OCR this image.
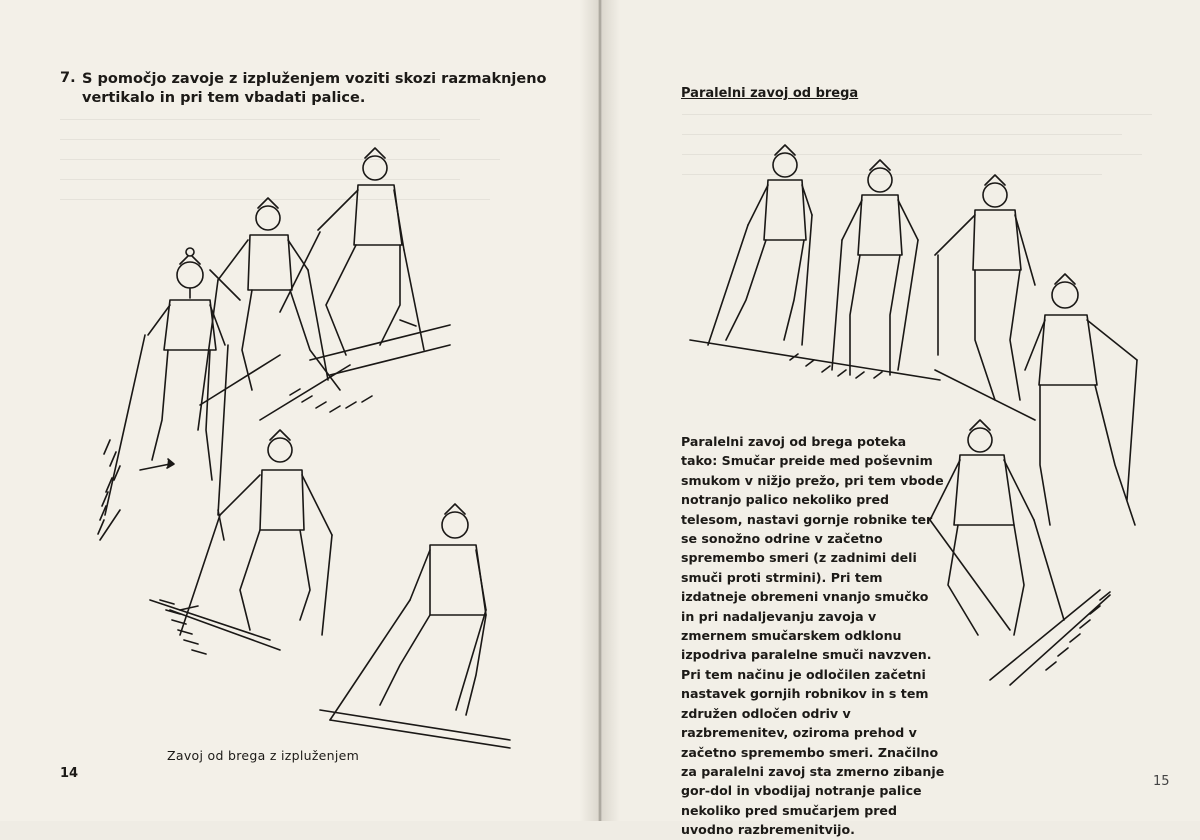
7. S pomočjo zavoje z izpluženjem voziti skozi razmaknjeno vertikalo in pri tem vbadati palice.
Zavoj od brega z izpluženjem
14
Paralelni zavoj od brega
Paralelni zavoj od brega poteka tako: Smučar preide med poševnim smukom v nižjo prežo, pri tem vbode notranjo palico nekoliko pred telesom, nastavi gornje robnike ter se sonožno odrine v začetno spremembo smeri (z zadnimi deli smuči proti strmini). Pri tem izdatneje obremeni vnanjo smučko in pri nadaljevanju zavoja v zmernem smučarskem odklonu izpodriva paralelne smuči navzven. Pri tem načinu je odločilen začetni nastavek gornjih robnikov in s tem združen odločen odriv v razbremenitev, oziroma prehod v začetno spremembo smeri. Značilno za paralelni zavoj sta zmerno zibanje gor-dol in vbodijaj notranje palice nekoliko pred smučarjem pred uvodno razbremenitvijo.
15
